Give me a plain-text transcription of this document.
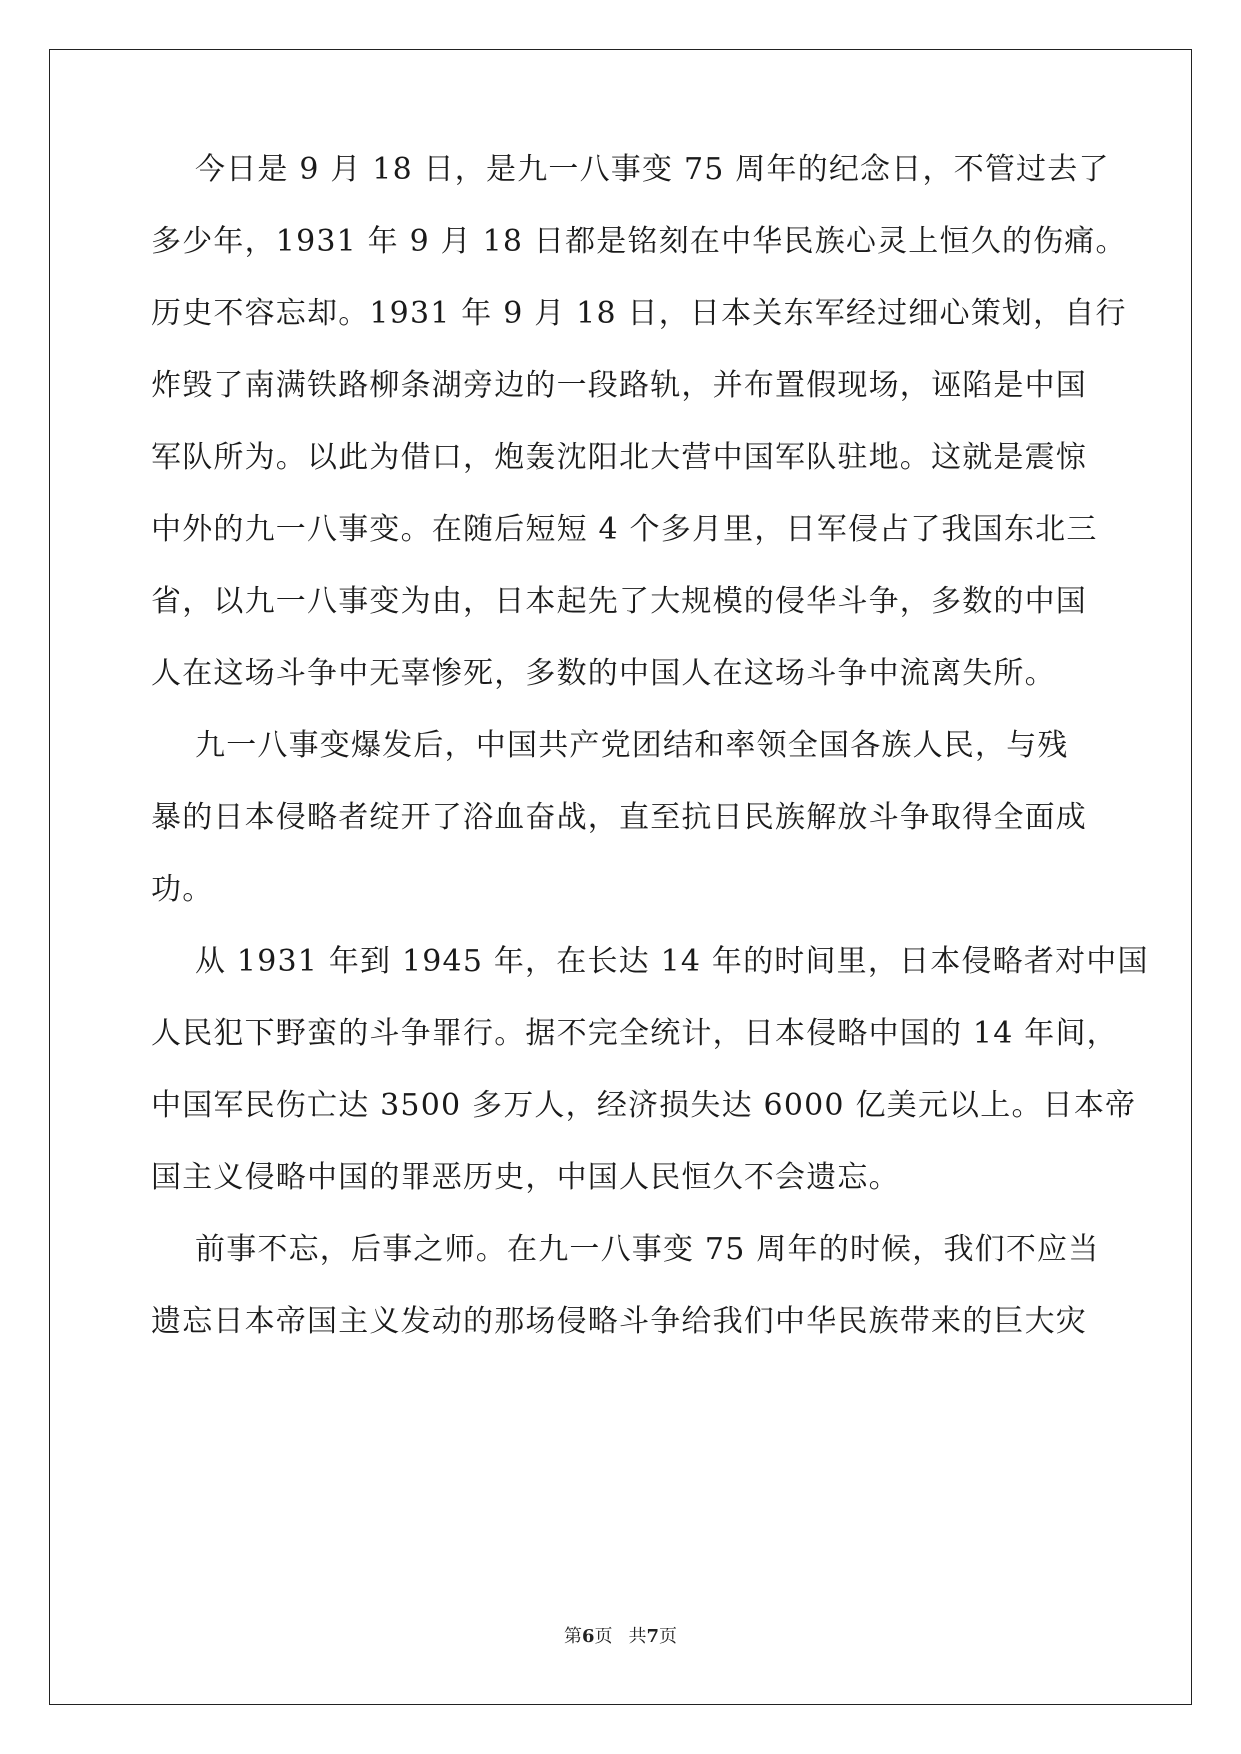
今日是 9 月 18 日，是九一八事变 75 周年的纪念日，不管过去了
多少年，1931 年 9 月 18 日都是铭刻在中华民族心灵上恒久的伤痛。
历史不容忘却。1931 年 9 月 18 日，日本关东军经过细心策划，自行
炸毁了南满铁路柳条湖旁边的一段路轨，并布置假现场，诬陷是中国
军队所为。以此为借口，炮轰沈阳北大营中国军队驻地。这就是震惊
中外的九一八事变。在随后短短 4 个多月里，日军侵占了我国东北三
省，以九一八事变为由，日本起先了大规模的侵华斗争，多数的中国
人在这场斗争中无辜惨死，多数的中国人在这场斗争中流离失所。
九一八事变爆发后，中国共产党团结和率领全国各族人民，与残
暴的日本侵略者绽开了浴血奋战，直至抗日民族解放斗争取得全面成
功。
从 1931 年到 1945 年，在长达 14 年的时间里，日本侵略者对中国
人民犯下野蛮的斗争罪行。据不完全统计，日本侵略中国的 14 年间，
中国军民伤亡达 3500 多万人，经济损失达 6000 亿美元以上。日本帝
国主义侵略中国的罪恶历史，中国人民恒久不会遗忘。
前事不忘，后事之师。在九一八事变 75 周年的时候，我们不应当
遗忘日本帝国主义发动的那场侵略斗争给我们中华民族带来的巨大灾
第6页 共7页
